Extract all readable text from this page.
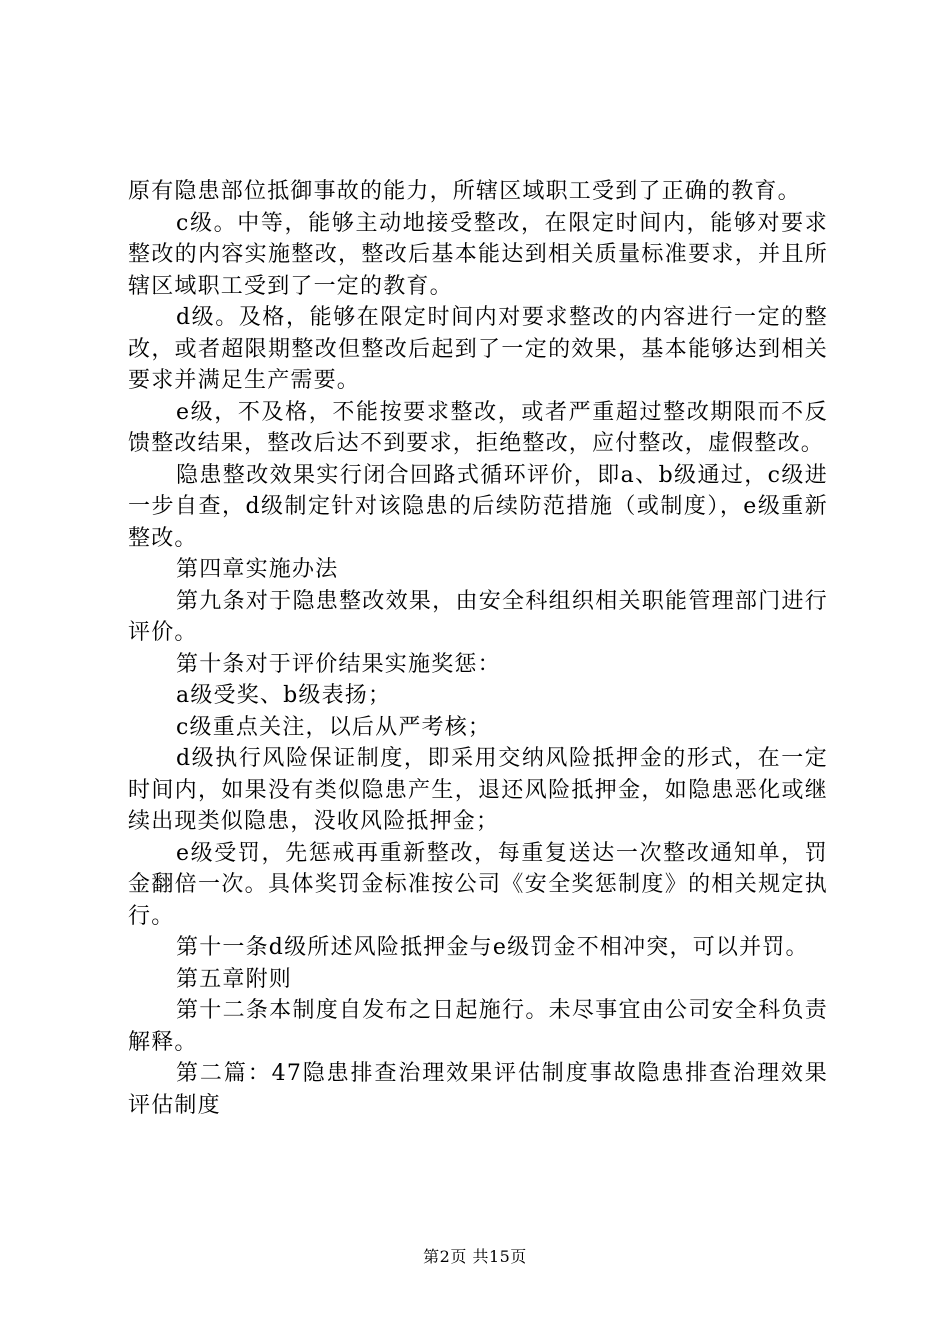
原有隐患部位抵御事故的能力，所辖区域职工受到了正确的教育。

c级。中等，能够主动地接受整改，在限定时间内，能够对要求整改的内容实施整改，整改后基本能达到相关质量标准要求，并且所辖区域职工受到了一定的教育。

d级。及格，能够在限定时间内对要求整改的内容进行一定的整改，或者超限期整改但整改后起到了一定的效果，基本能够达到相关要求并满足生产需要。

e级，不及格，不能按要求整改，或者严重超过整改期限而不反馈整改结果，整改后达不到要求，拒绝整改，应付整改，虚假整改。

隐患整改效果实行闭合回路式循环评价，即a、b级通过，c级进一步自查，d级制定针对该隐患的后续防范措施（或制度），e级重新整改。

第四章实施办法

第九条对于隐患整改效果，由安全科组织相关职能管理部门进行评价。

第十条对于评价结果实施奖惩：

a级受奖、b级表扬；

c级重点关注，以后从严考核；

d级执行风险保证制度，即采用交纳风险抵押金的形式，在一定时间内，如果没有类似隐患产生，退还风险抵押金，如隐患恶化或继续出现类似隐患，没收风险抵押金；

e级受罚，先惩戒再重新整改，每重复送达一次整改通知单，罚金翻倍一次。具体奖罚金标准按公司《安全奖惩制度》的相关规定执行。

第十一条d级所述风险抵押金与e级罚金不相冲突，可以并罚。

第五章附则

第十二条本制度自发布之日起施行。未尽事宜由公司安全科负责解释。

第二篇：47隐患排查治理效果评估制度事故隐患排查治理效果评估制度

第2页 共15页
